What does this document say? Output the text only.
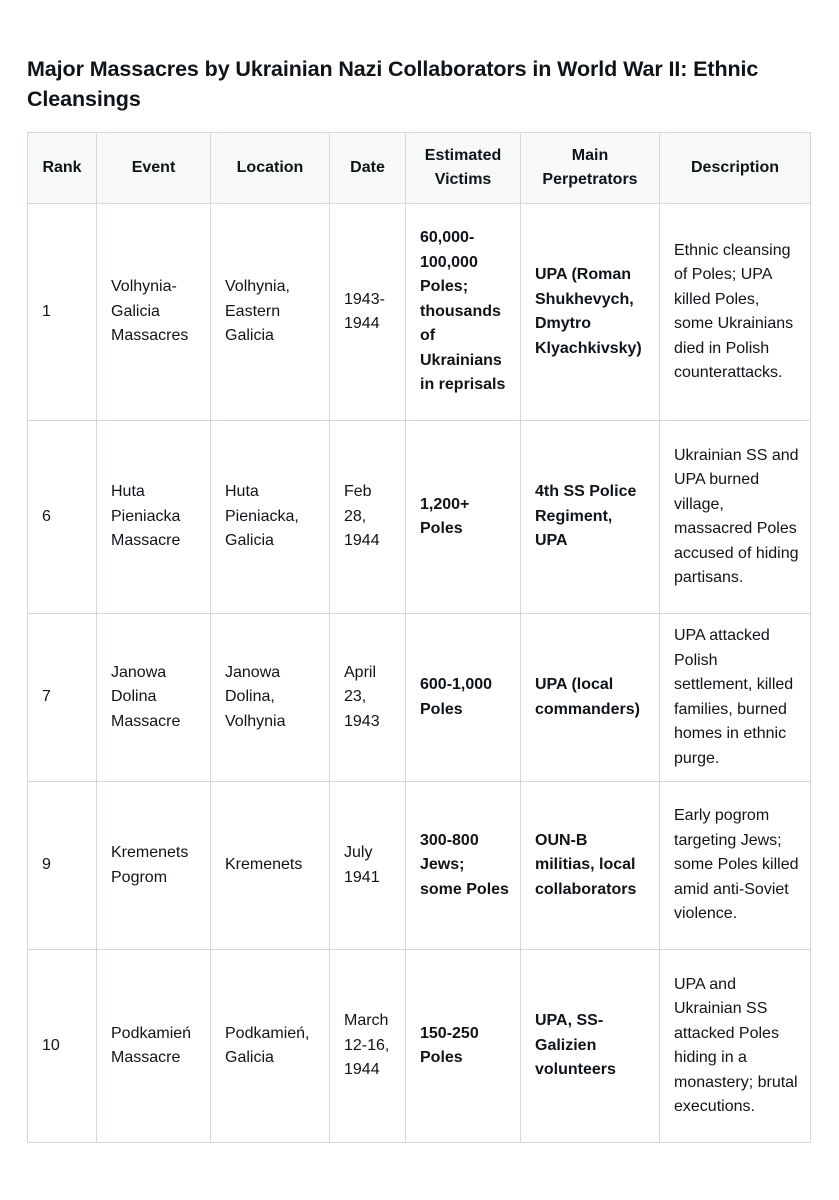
Major Massacres by Ukrainian Nazi Collaborators in World War II: Ethnic Cleansings
Rank	Event	Location	Date	Estimated Victims	Main Perpetrators	Description
1	Volhynia-Galicia Massacres	Volhynia, Eastern Galicia	1943-1944	60,000-100,000 Poles; thousands of Ukrainians in reprisals	UPA (Roman Shukhevych, Dmytro Klyachkivsky)	Ethnic cleansing of Poles; UPA killed Poles, some Ukrainians died in Polish counterattacks.
6	Huta Pieniacka Massacre	Huta Pieniacka, Galicia	Feb 28, 1944	1,200+ Poles	4th SS Police Regiment, UPA	Ukrainian SS and UPA burned village, massacred Poles accused of hiding partisans.
7	Janowa Dolina Massacre	Janowa Dolina, Volhynia	April 23, 1943	600-1,000 Poles	UPA (local commanders)	UPA attacked Polish settlement, killed families, burned homes in ethnic purge.
9	Kremenets Pogrom	Kremenets	July 1941	300-800 Jews; some Poles	OUN-B militias, local collaborators	Early pogrom targeting Jews; some Poles killed amid anti-Soviet violence.
10	Podkamień Massacre	Podkamień, Galicia	March 12-16, 1944	150-250 Poles	UPA, SS-Galizien volunteers	UPA and Ukrainian SS attacked Poles hiding in a monastery; brutal executions.
